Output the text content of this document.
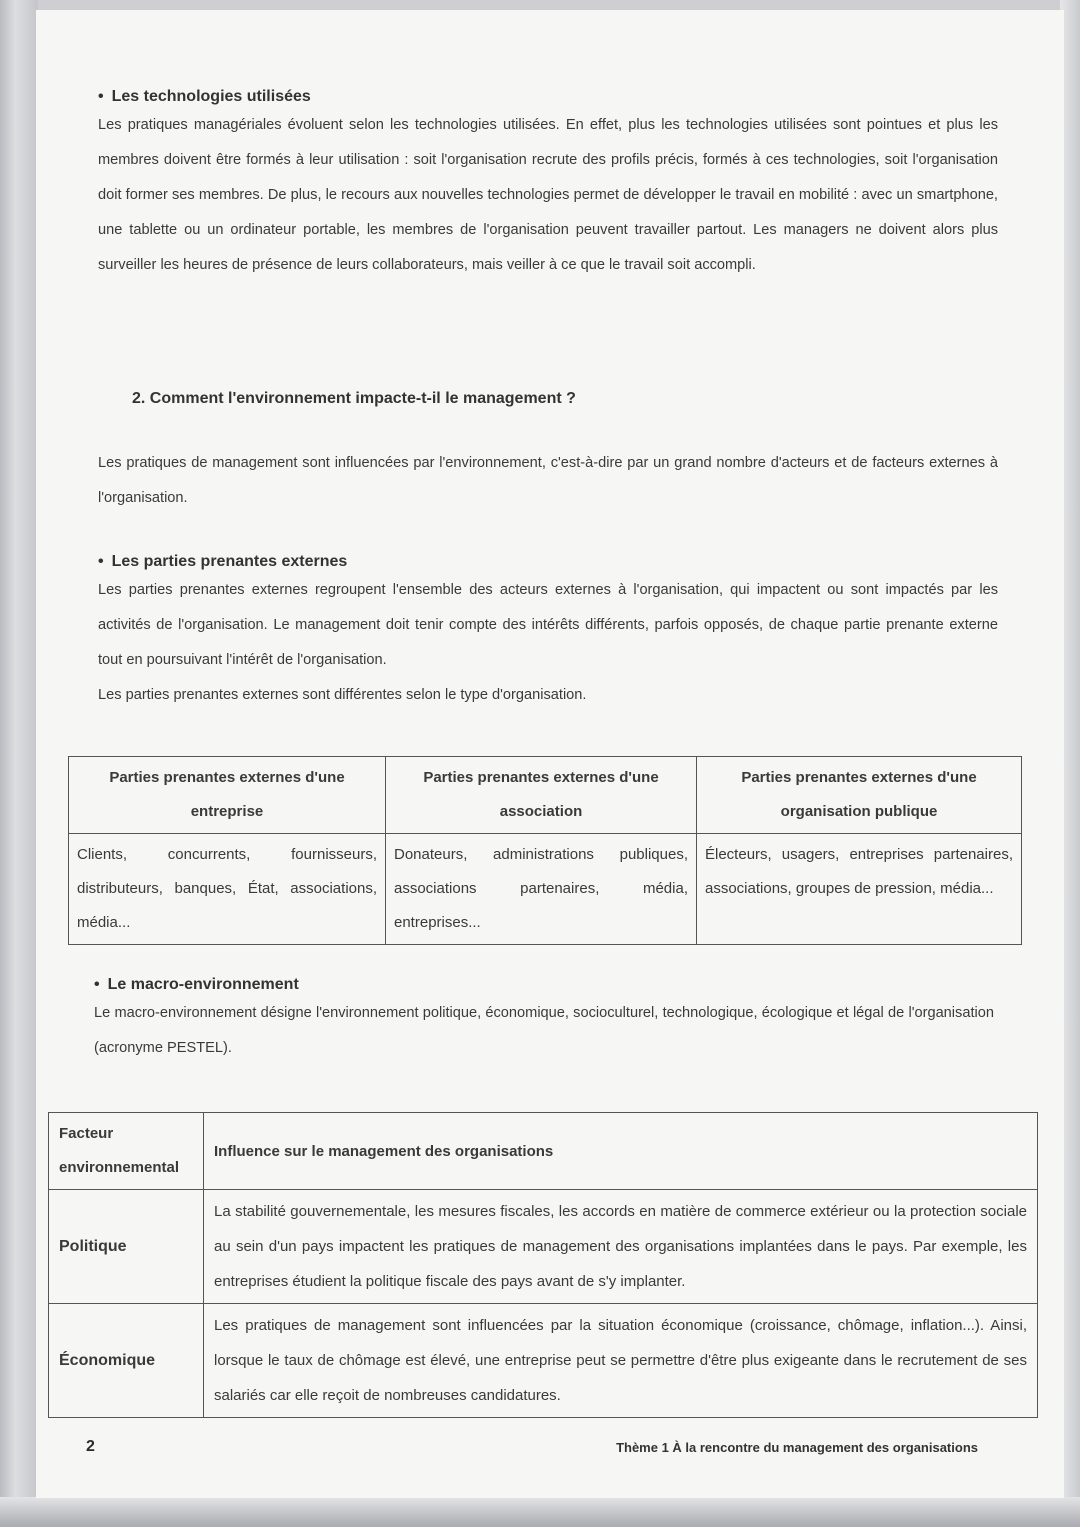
• Les technologies utilisées
Les pratiques managériales évoluent selon les technologies utilisées. En effet, plus les technologies utilisées sont pointues et plus les membres doivent être formés à leur utilisation : soit l'organisation recrute des profils précis, formés à ces technologies, soit l'organisation doit former ses membres. De plus, le recours aux nouvelles technologies permet de développer le travail en mobilité : avec un smartphone, une tablette ou un ordinateur portable, les membres de l'organisation peuvent travailler partout. Les managers ne doivent alors plus surveiller les heures de présence de leurs collaborateurs, mais veiller à ce que le travail soit accompli.
2. Comment l'environnement impacte-t-il le management ?
Les pratiques de management sont influencées par l'environnement, c'est-à-dire par un grand nombre d'acteurs et de facteurs externes à l'organisation.
• Les parties prenantes externes
Les parties prenantes externes regroupent l'ensemble des acteurs externes à l'organisation, qui impactent ou sont impactés par les activités de l'organisation. Le management doit tenir compte des intérêts différents, parfois opposés, de chaque partie prenante externe tout en poursuivant l'intérêt de l'organisation.
Les parties prenantes externes sont différentes selon le type d'organisation.
Parties prenantes externes d'une entreprise	Parties prenantes externes d'une association	Parties prenantes externes d'une organisation publique
Clients, concurrents, fournisseurs, distributeurs, banques, État, associations, média...	Donateurs, administrations publiques, associations partenaires, média, entreprises...	Électeurs, usagers, entreprises partenaires, associations, groupes de pression, média...
• Le macro-environnement
Le macro-environnement désigne l'environnement politique, économique, socioculturel, technologique, écologique et légal de l'organisation (acronyme PESTEL).
Facteur environnemental	Influence sur le management des organisations
Politique	La stabilité gouvernementale, les mesures fiscales, les accords en matière de commerce extérieur ou la protection sociale au sein d'un pays impactent les pratiques de management des organisations implantées dans le pays. Par exemple, les entreprises étudient la politique fiscale des pays avant de s'y implanter.
Économique	Les pratiques de management sont influencées par la situation économique (croissance, chômage, inflation...). Ainsi, lorsque le taux de chômage est élevé, une entreprise peut se permettre d'être plus exigeante dans le recrutement de ses salariés car elle reçoit de nombreuses candidatures.
2	Thème 1 À la rencontre du management des organisations
